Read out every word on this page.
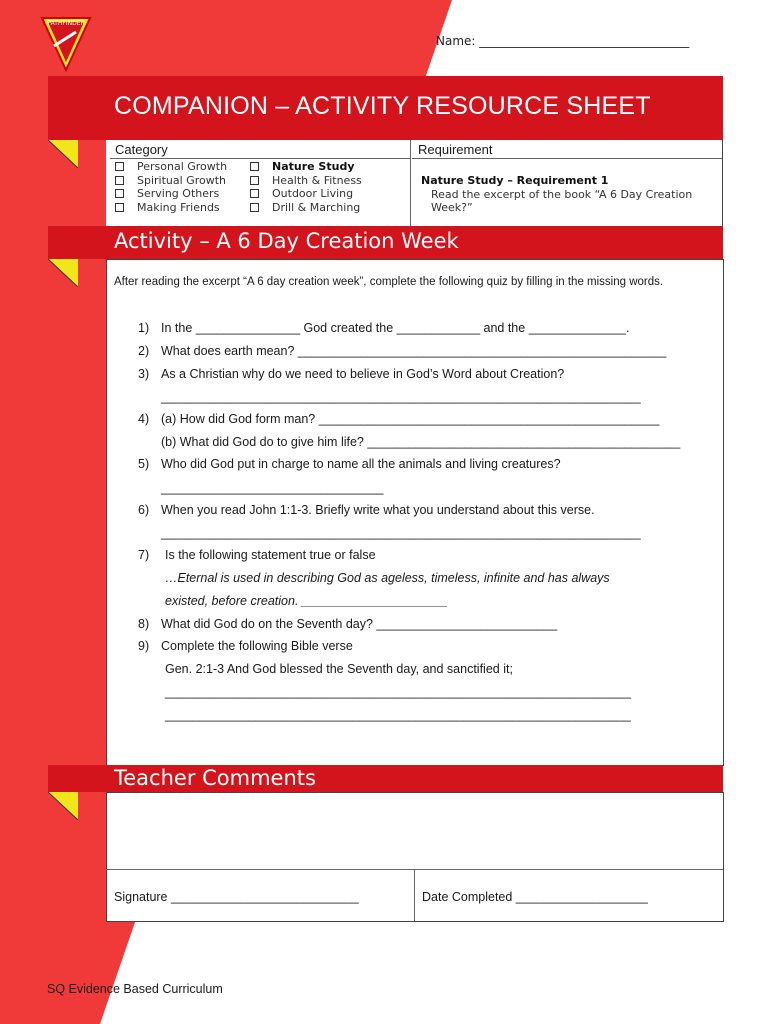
PATHFINDER
Name: ___________________________________
COMPANION – ACTIVITY RESOURCE SHEET
Category	Requirement
Personal Growth
Spiritual Growth
Serving Others
Making Friends
Nature Study
Health & Fitness
Outdoor Living
Drill & Marching
Nature Study – Requirement 1
Read the excerpt of the book “A 6 Day Creation
Week?”
Activity – A 6 Day Creation Week
After reading the excerpt “A 6 day creation week”, complete the following quiz by filling in the missing words.
1) In the _______________ God created the ____________ and the ______________.
2) What does earth mean? _____________________________________________________
3) As a Christian why do we need to believe in God’s Word about Creation?
_____________________________________________________________________
4) (a) How did God form man? _________________________________________________
(b) What did God do to give him life? _____________________________________________
5) Who did God put in charge to name all the animals and living creatures?
________________________________
6) When you read John 1:1-3. Briefly write what you understand about this verse.
_____________________________________________________________________
7) Is the following statement true or false
…Eternal is used in describing God as ageless, timeless, infinite and has always
existed, before creation. _____________________
8) What did God do on the Seventh day? __________________________
9) Complete the following Bible verse
Gen. 2:1-3 And God blessed the Seventh day, and sanctified it;
___________________________________________________________________
___________________________________________________________________
Teacher Comments
Signature ___________________________	Date Completed ___________________
SQ Evidence Based Curriculum
